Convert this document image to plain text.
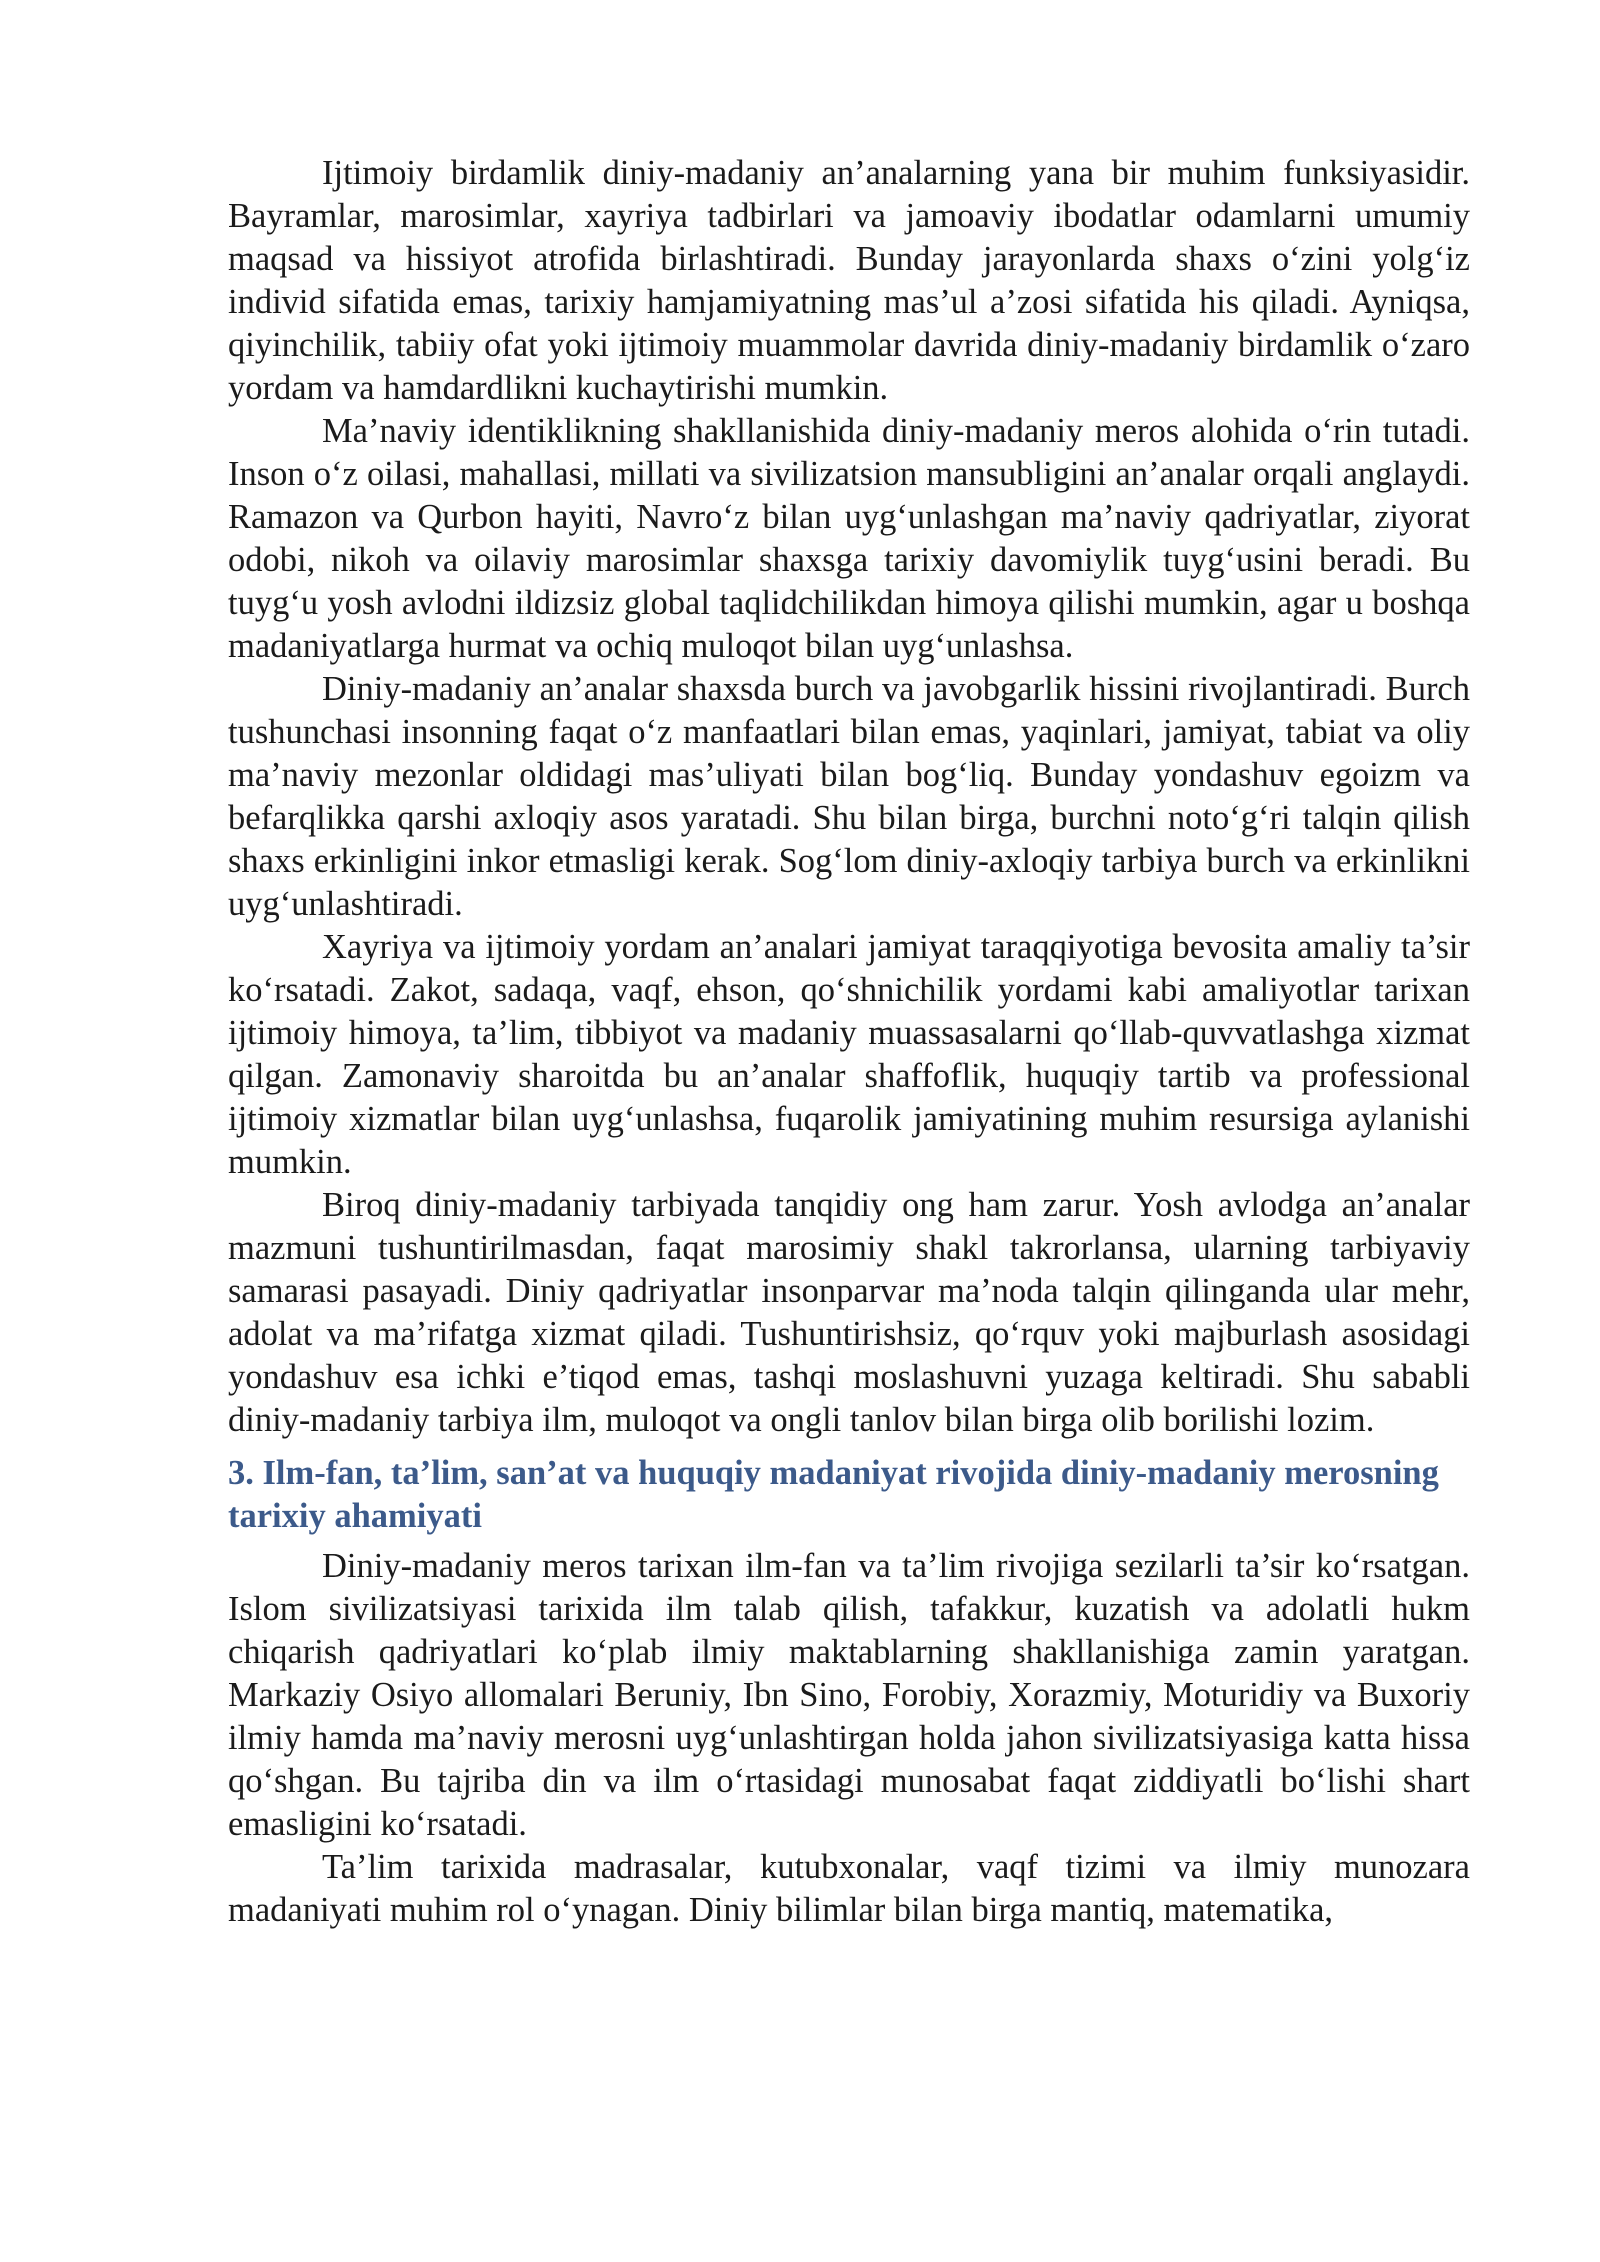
Ijtimoiy birdamlik diniy-madaniy an’analarning yana bir muhim funksiyasidir. Bayramlar, marosimlar, xayriya tadbirlari va jamoaviy ibodatlar odamlarni umumiy maqsad va hissiyot atrofida birlashtiradi. Bunday jarayonlarda shaxs o‘zini yolg‘iz individ sifatida emas, tarixiy hamjamiyatning mas’ul a’zosi sifatida his qiladi. Ayniqsa, qiyinchilik, tabiiy ofat yoki ijtimoiy muammolar davrida diniy-madaniy birdamlik o‘zaro yordam va hamdardlikni kuchaytirishi mumkin.

Ma’naviy identiklikning shakllanishida diniy-madaniy meros alohida o‘rin tutadi. Inson o‘z oilasi, mahallasi, millati va sivilizatsion mansubligini an’analar orqali anglaydi. Ramazon va Qurbon hayiti, Navro‘z bilan uyg‘unlashgan ma’naviy qadriyatlar, ziyorat odobi, nikoh va oilaviy marosimlar shaxsga tarixiy davomiylik tuyg‘usini beradi. Bu tuyg‘u yosh avlodni ildizsiz global taqlidchilikdan himoya qilishi mumkin, agar u boshqa madaniyatlarga hurmat va ochiq muloqot bilan uyg‘unlashsa.

Diniy-madaniy an’analar shaxsda burch va javobgarlik hissini rivojlantiradi. Burch tushunchasi insonning faqat o‘z manfaatlari bilan emas, yaqinlari, jamiyat, tabiat va oliy ma’naviy mezonlar oldidagi mas’uliyati bilan bog‘liq. Bunday yondashuv egoizm va befarqlikka qarshi axloqiy asos yaratadi. Shu bilan birga, burchni noto‘g‘ri talqin qilish shaxs erkinligini inkor etmasligi kerak. Sog‘lom diniy-axloqiy tarbiya burch va erkinlikni uyg‘unlashtiradi.

Xayriya va ijtimoiy yordam an’analari jamiyat taraqqiyotiga bevosita amaliy ta’sir ko‘rsatadi. Zakot, sadaqa, vaqf, ehson, qo‘shnichilik yordami kabi amaliyotlar tarixan ijtimoiy himoya, ta’lim, tibbiyot va madaniy muassasalarni qo‘llab-quvvatlashga xizmat qilgan. Zamonaviy sharoitda bu an’analar shaffoflik, huquqiy tartib va professional ijtimoiy xizmatlar bilan uyg‘unlashsa, fuqarolik jamiyatining muhim resursiga aylanishi mumkin.

Biroq diniy-madaniy tarbiyada tanqidiy ong ham zarur. Yosh avlodga an’analar mazmuni tushuntirilmasdan, faqat marosimiy shakl takrorlansa, ularning tarbiyaviy samarasi pasayadi. Diniy qadriyatlar insonparvar ma’noda talqin qilinganda ular mehr, adolat va ma’rifatga xizmat qiladi. Tushuntirishsiz, qo‘rquv yoki majburlash asosidagi yondashuv esa ichki e’tiqod emas, tashqi moslashuvni yuzaga keltiradi. Shu sababli diniy-madaniy tarbiya ilm, muloqot va ongli tanlov bilan birga olib borilishi lozim.

3. Ilm-fan, ta’lim, san’at va huquqiy madaniyat rivojida diniy-madaniy merosning tarixiy ahamiyati

Diniy-madaniy meros tarixan ilm-fan va ta’lim rivojiga sezilarli ta’sir ko‘rsatgan. Islom sivilizatsiyasi tarixida ilm talab qilish, tafakkur, kuzatish va adolatli hukm chiqarish qadriyatlari ko‘plab ilmiy maktablarning shakllanishiga zamin yaratgan. Markaziy Osiyo allomalari Beruniy, Ibn Sino, Forobiy, Xorazmiy, Moturidiy va Buxoriy ilmiy hamda ma’naviy merosni uyg‘unlashtirgan holda jahon sivilizatsiyasiga katta hissa qo‘shgan. Bu tajriba din va ilm o‘rtasidagi munosabat faqat ziddiyatli bo‘lishi shart emasligini ko‘rsatadi.

Ta’lim tarixida madrasalar, kutubxonalar, vaqf tizimi va ilmiy munozara madaniyati muhim rol o‘ynagan. Diniy bilimlar bilan birga mantiq, matematika,
